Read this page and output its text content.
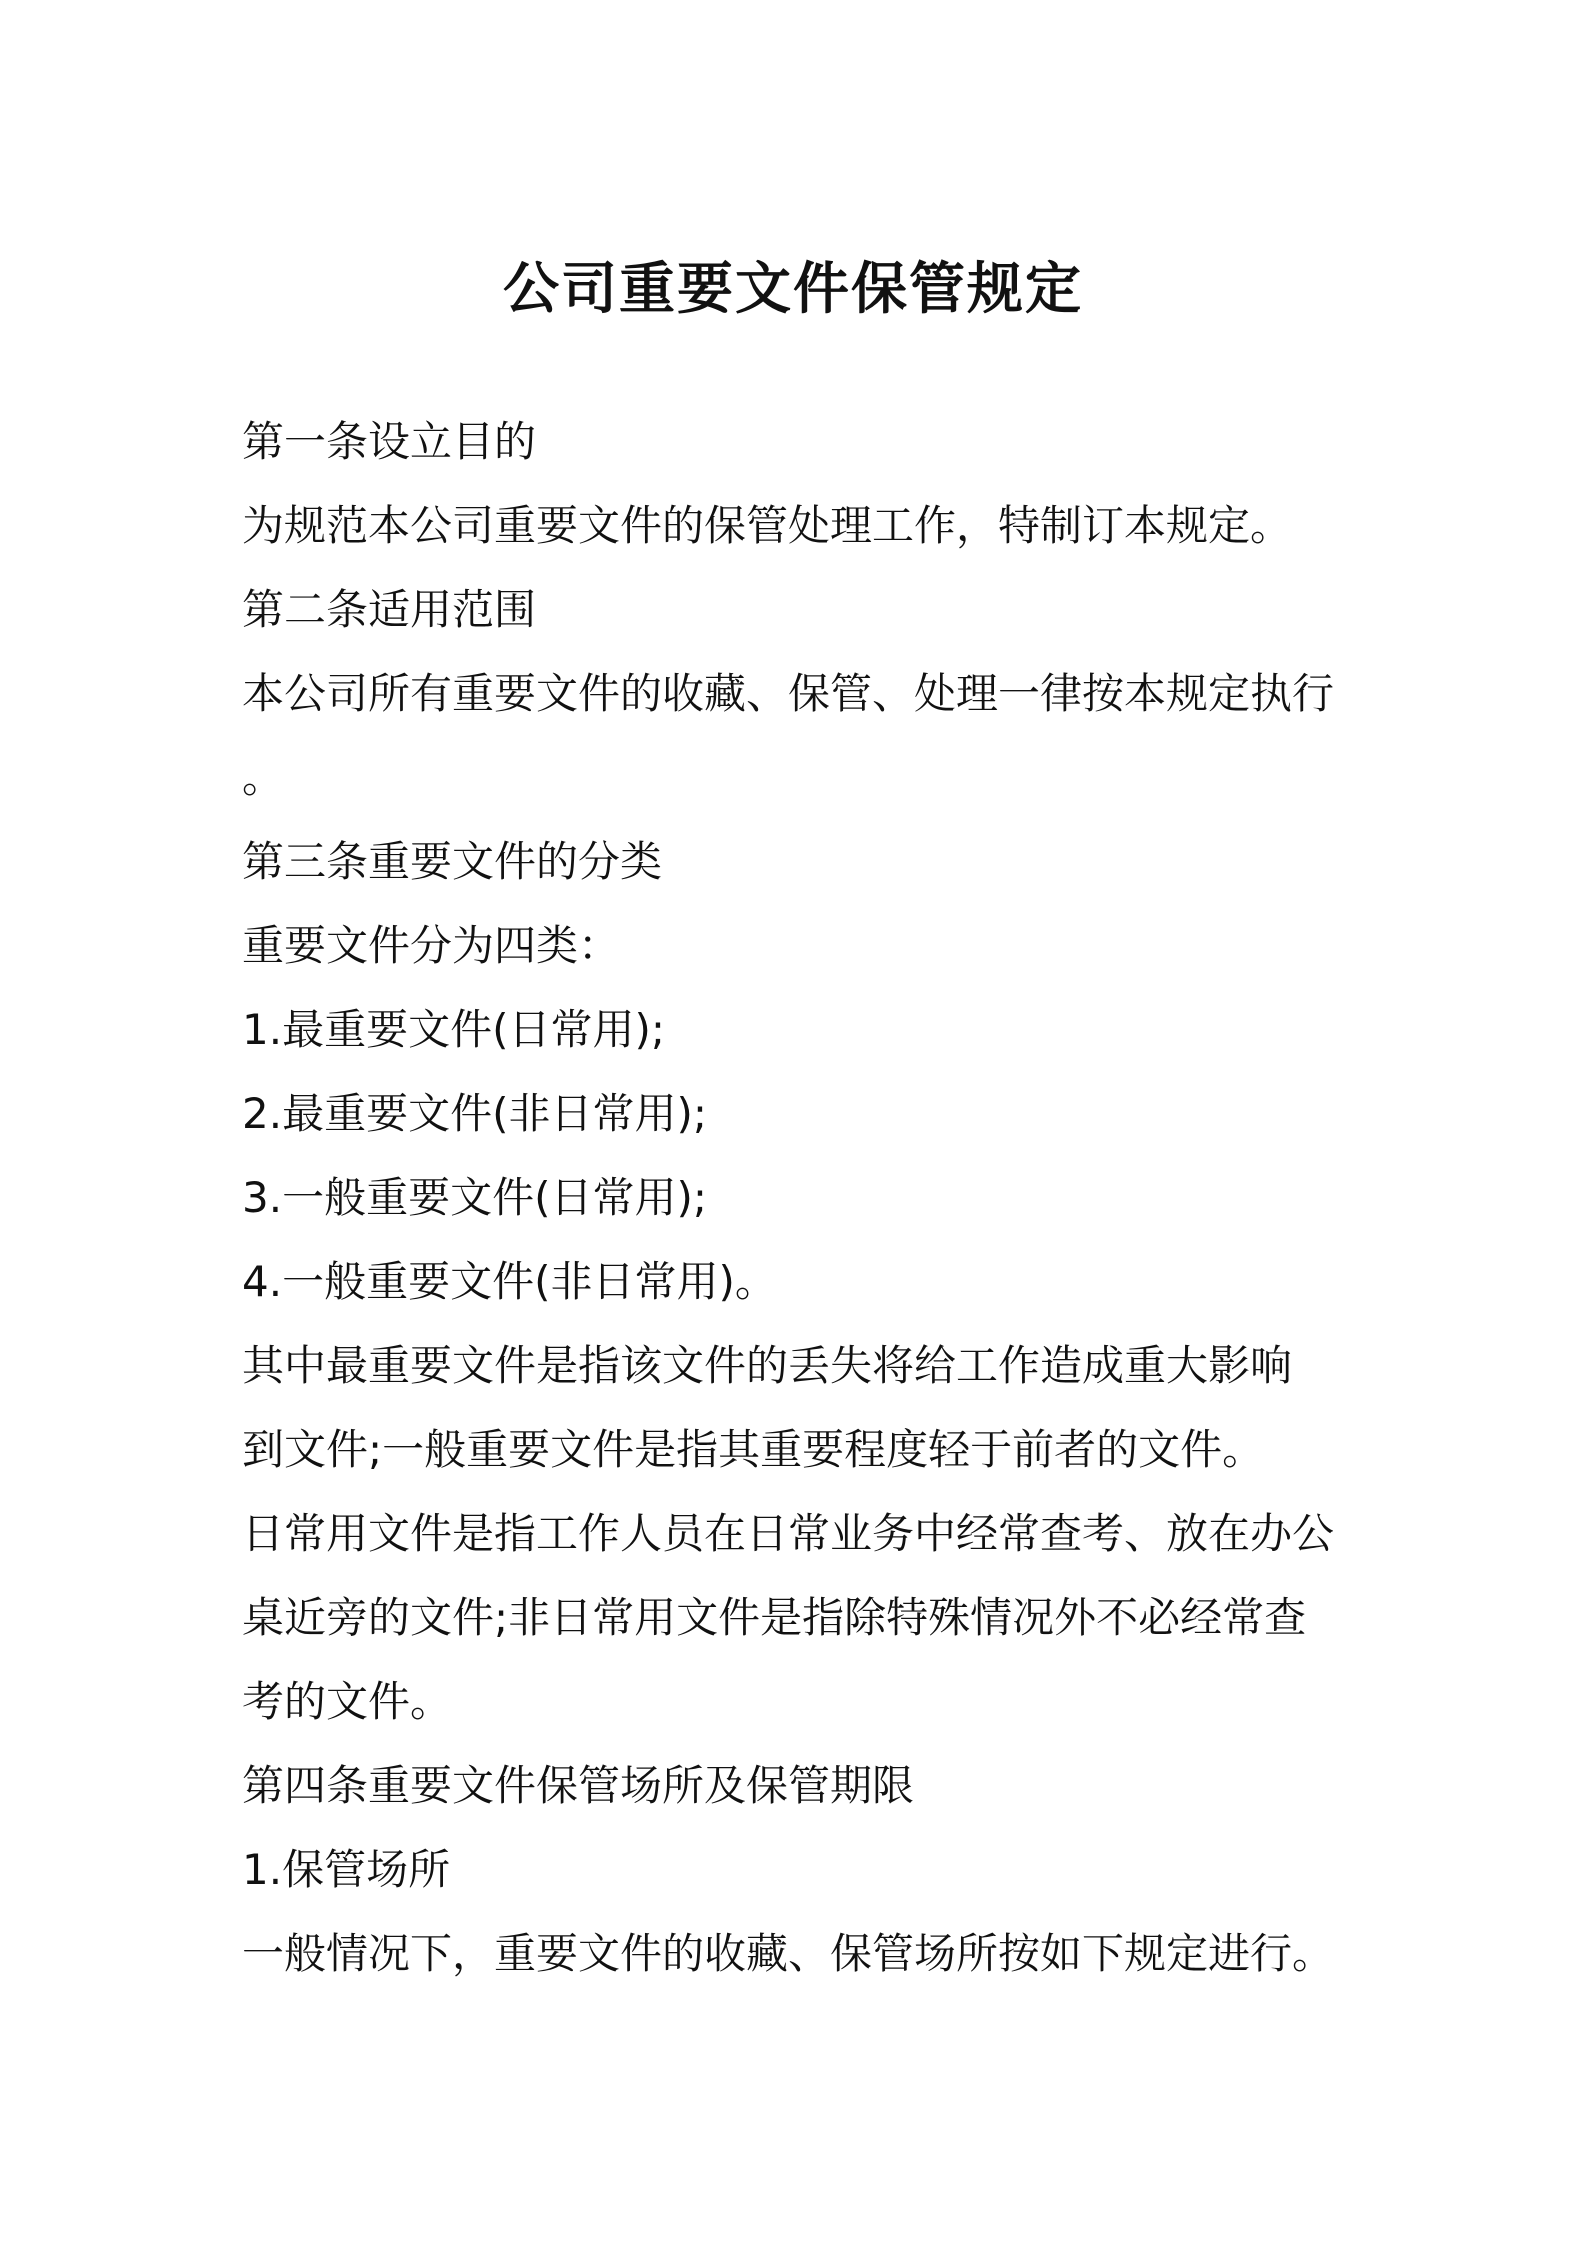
公司重要文件保管规定

第一条设立目的

为规范本公司重要文件的保管处理工作，特制订本规定。

第二条适用范围

本公司所有重要文件的收藏、保管、处理一律按本规定执行

。

第三条重要文件的分类

重要文件分为四类：

1.最重要文件(日常用);

2.最重要文件(非日常用);

3.一般重要文件(日常用);

4.一般重要文件(非日常用)。

其中最重要文件是指该文件的丢失将给工作造成重大影响

到文件;一般重要文件是指其重要程度轻于前者的文件。

日常用文件是指工作人员在日常业务中经常查考、放在办公

桌近旁的文件;非日常用文件是指除特殊情况外不必经常查

考的文件。

第四条重要文件保管场所及保管期限

1.保管场所

一般情况下，重要文件的收藏、保管场所按如下规定进行。
